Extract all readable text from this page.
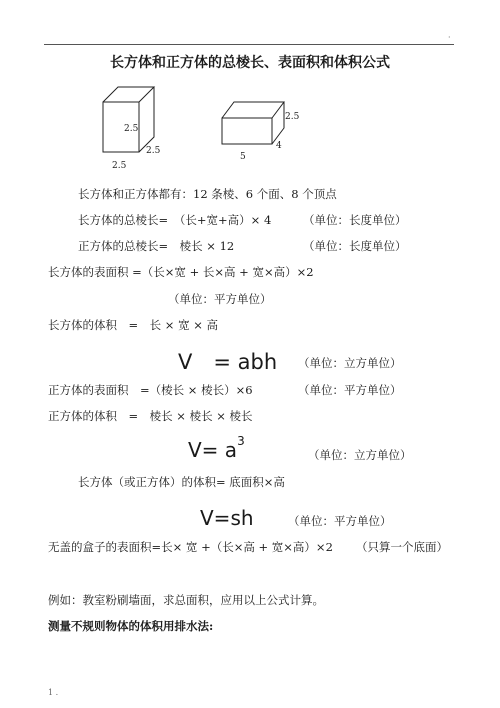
·
长方体和正方体的总棱长、表面积和体积公式
2.5
2.5
2.5
2.5
4
5
长方体和正方体都有：12 条棱、6 个面、8 个顶点
长方体的总棱长=　（长+宽+高）× 4	（单位：长度单位）
正方体的总棱长=　棱长 × 12	（单位：长度单位）
长方体的表面积 =（长×宽 + 长×高 + 宽×高）×2
（单位：平方单位）
长方体的体积　=　长 × 宽 × 高
V　= abh （单位：立方单位）
正方体的表面积　=（棱长 × 棱长）×6	（单位：平方单位）
正方体的体积　=　棱长 × 棱长 × 棱长
$V= a^3$
（单位：立方单位）
长方体（或正方体）的体积= 底面积×高
V=sh	（单位：平方单位）
无盖的盒子的表面积=长× 宽 +（长×高 + 宽×高）×2 （只算一个底面）
例如：教室粉刷墙面，求总面积，应用以上公式计算。
测量不规则物体的体积用排水法:
1 .
